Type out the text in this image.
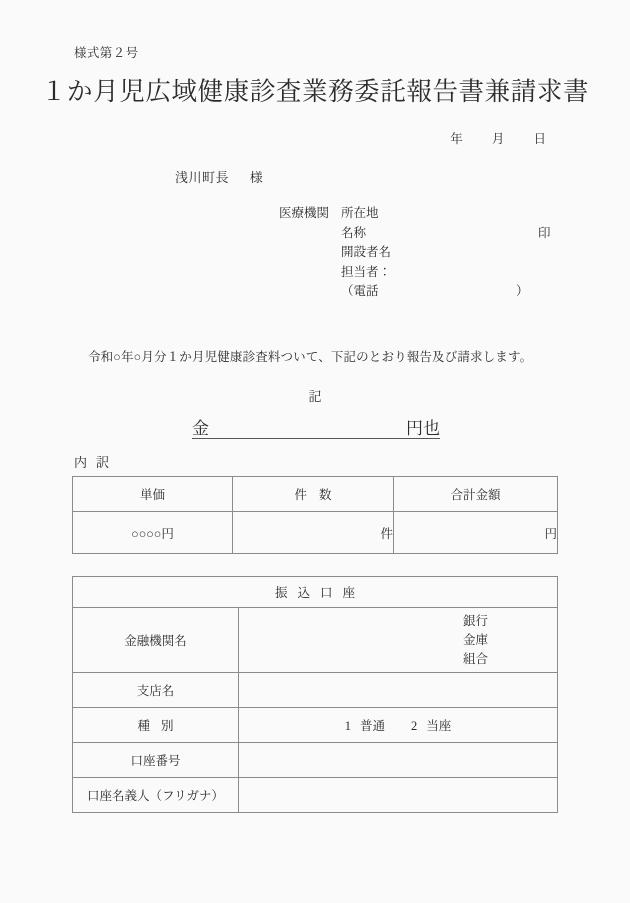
様式第２号
１か月児広域健康診査業務委託報告書兼請求書
年 月 日
浅川町長 様
医療機関 所在地
名称	印
開設者名
担当者：
（電話	）
令和○年○月分１か月児健康診査料ついて、下記のとおり報告及び請求します。
記
金	円也
内 訳
単価	件 数	合計金額
○○○○円	件	円
振 込 口 座	
金融機関名	銀行
金庫
組合

支店名	
種 別	1 普通 2 当座
口座番号	
口座名義人（フリガナ）	
